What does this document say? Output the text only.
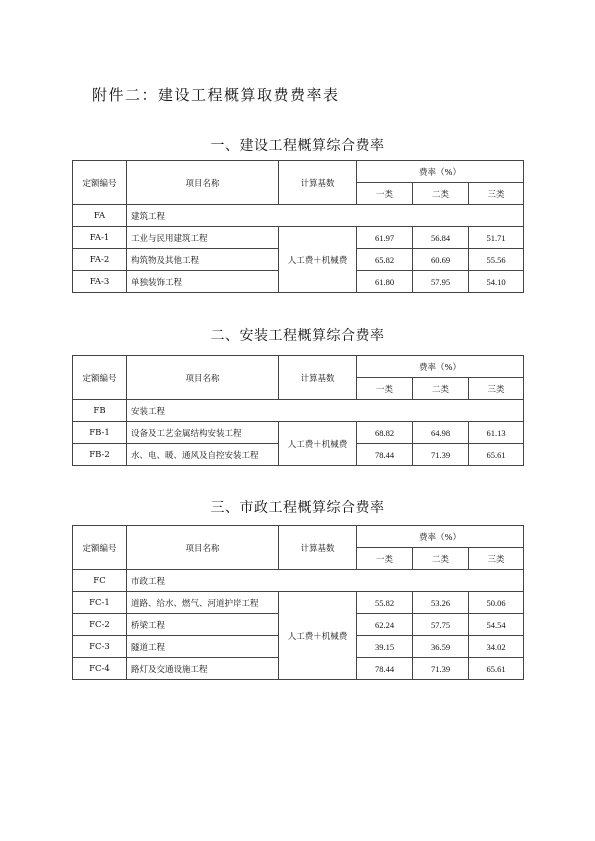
附件二：建设工程概算取费费率表
一、建设工程概算综合费率
定额编号	项目名称	计算基数	费率（%）		
			一类	二类	三类
FA	建筑工程				
FA-1	工业与民用建筑工程	人工费＋机械费	61.97	56.84	51.71
FA-2	构筑物及其他工程		65.82	60.69	55.56
FA-3	单独装饰工程		61.80	57.95	54.10
二、安装工程概算综合费率
定额编号	项目名称	计算基数	费率（%）		
			一类	二类	三类
FB	安装工程				
FB-1	设备及工艺金属结构安装工程	人工费＋机械费	68.82	64.98	61.13
FB-2	水、电、暖、通风及自控安装工程		78.44	71.39	65.61
三、市政工程概算综合费率
定额编号	项目名称	计算基数	费率（%）		
			一类	二类	三类
FC	市政工程				
FC-1	道路、给水、燃气、河道护岸工程	人工费＋机械费	55.82	53.26	50.06
FC-2	桥梁工程		62.24	57.75	54.54
FC-3	隧道工程		39.15	36.59	34.02
FC-4	路灯及交通设施工程		78.44	71.39	65.61
